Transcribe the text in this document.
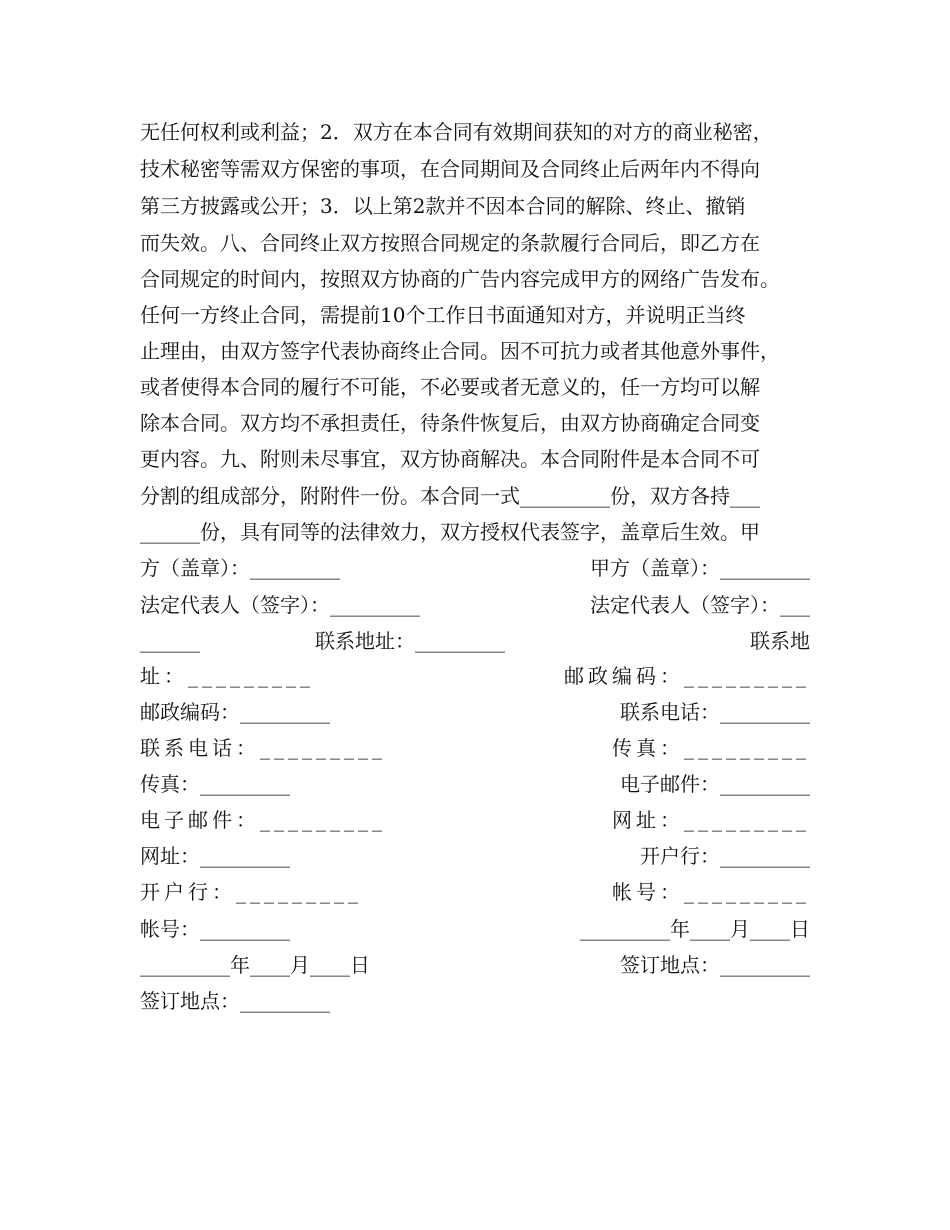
无任何权利或利益；2．双方在本合同有效期间获知的对方的商业秘密，
技术秘密等需双方保密的事项，在合同期间及合同终止后两年内不得向
第三方披露或公开；3．以上第2款并不因本合同的解除、终止、撤销
而失效。八、合同终止双方按照合同规定的条款履行合同后，即乙方在
合同规定的时间内，按照双方协商的广告内容完成甲方的网络广告发布。
任何一方终止合同，需提前10个工作日书面通知对方，并说明正当终
止理由，由双方签字代表协商终止合同。因不可抗力或者其他意外事件，
或者使得本合同的履行不可能，不必要或者无意义的，任一方均可以解
除本合同。双方均不承担责任，待条件恢复后，由双方协商确定合同变
更内容。九、附则未尽事宜，双方协商解决。本合同附件是本合同不可
分割的组成部分，附附件一份。本合同一式_________份，双方各持___
______份，具有同等的法律效力，双方授权代表签字，盖章后生效。甲
方（盖章）：_________	甲方（盖章）：_________
法定代表人（签字）：_________	法定代表人（签字）：___
______	联系地址：_________	联系地
址：_________	邮政编码：_________
邮政编码：_________	联系电话：_________
联系电话：_________	传真：_________
传真：_________	电子邮件：_________
电子邮件：_________	网址：_________
网址：_________	开户行：_________
开户行：_________	帐号：_________
帐号：_________	_________年____月____日
_________年____月____日	签订地点：_________
签订地点：_________
